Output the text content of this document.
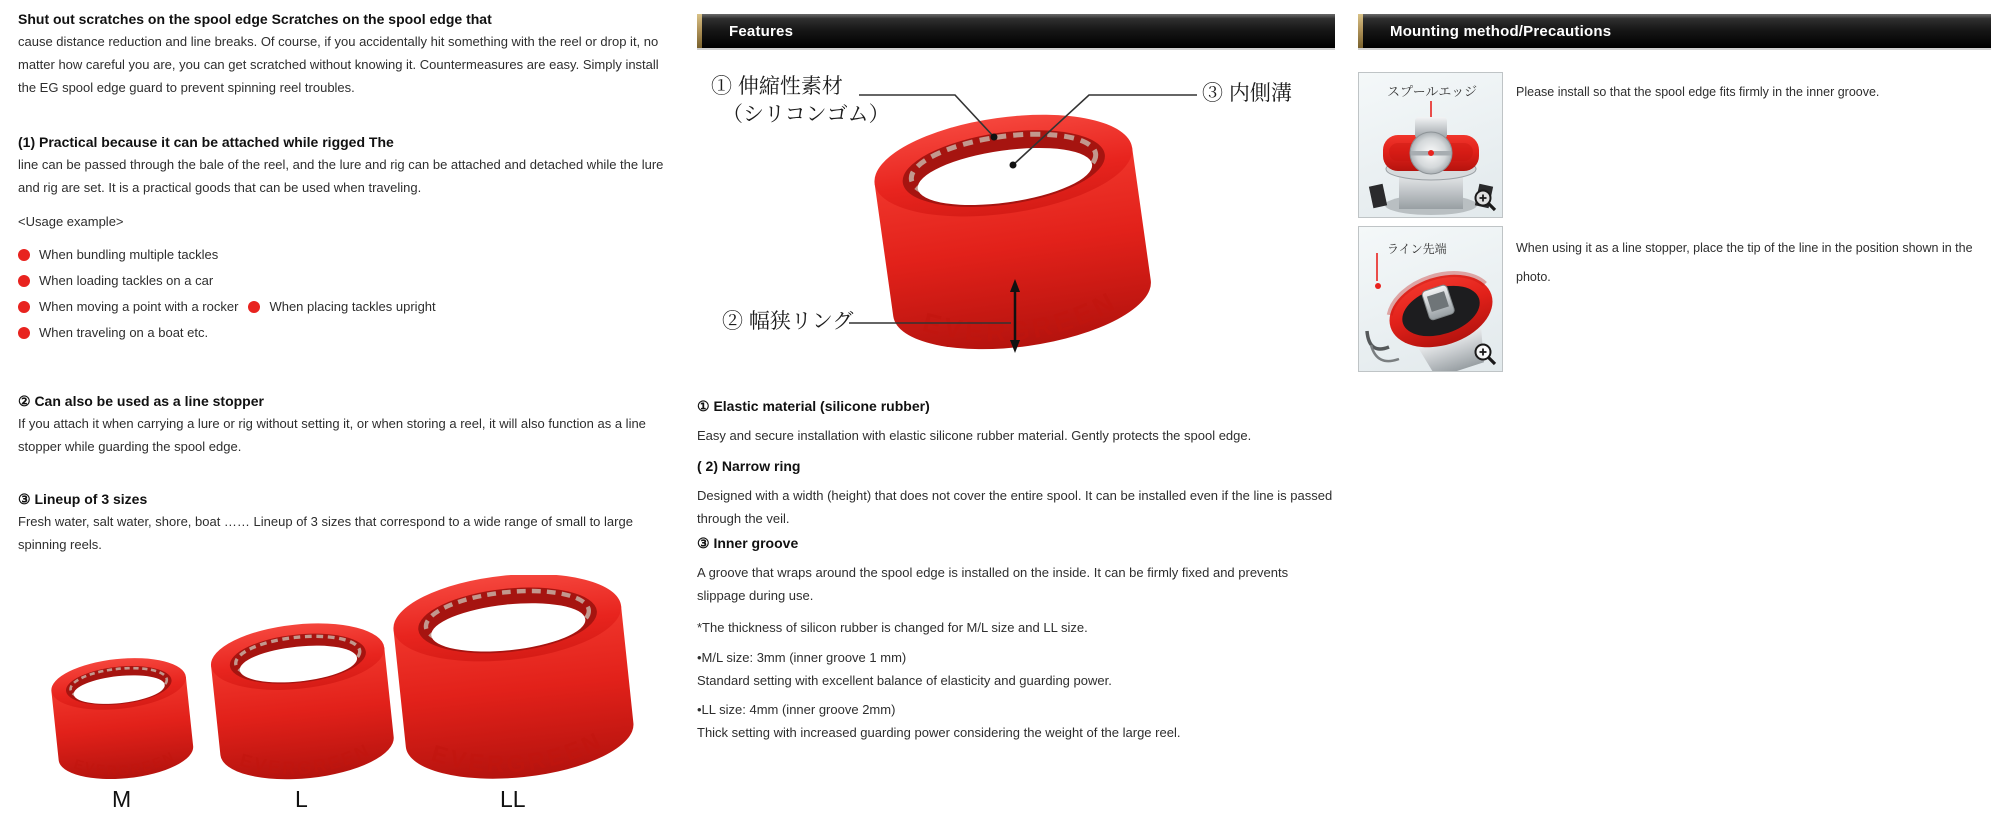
Shut out scratches on the spool edge Scratches on the spool edge that
cause distance reduction and line breaks. Of course, if you accidentally hit something with the reel or drop it, no matter how careful you are, you can get scratched without knowing it. Countermeasures are easy. Simply install the EG spool edge guard to prevent spinning reel troubles.
(1) Practical because it can be attached while rigged The
line can be passed through the bale of the reel, and the lure and rig can be attached and detached while the lure and rig are set. It is a practical goods that can be used when traveling.
<Usage example>
When bundling multiple tackles
When loading tackles on a car
When moving a point with a rocker When placing tackles upright
When traveling on a boat etc.
② Can also be used as a line stopper
If you attach it when carrying a lure or rig without setting it, or when storing a reel, it will also function as a line stopper while guarding the spool edge.
③ Lineup of 3 sizes
Fresh water, salt water, shore, boat …… Lineup of 3 sizes that correspond to a wide range of small to large spinning reels.
M	L	LL
Features
① 伸縮性素材
（シリコンゴム）
③ 内側溝
② 幅狭リング
① Elastic material (silicone rubber)
Easy and secure installation with elastic silicone rubber material. Gently protects the spool edge.
( 2) Narrow ring
Designed with a width (height) that does not cover the entire spool. It can be installed even if the line is passed through the veil.
③ Inner groove
A groove that wraps around the spool edge is installed on the inside. It can be firmly fixed and prevents slippage during use.
*The thickness of silicon rubber is changed for M/L size and LL size.
•M/L size: 3mm (inner groove 1 mm)
Standard setting with excellent balance of elasticity and guarding power.
•LL size: 4mm (inner groove 2mm)
Thick setting with increased guarding power considering the weight of the large reel.
Mounting method/Precautions
スプールエッジ	Please install so that the spool edge fits firmly in the inner groove.
ライン先端	When using it as a line stopper, place the tip of the line in the position shown in the photo.
